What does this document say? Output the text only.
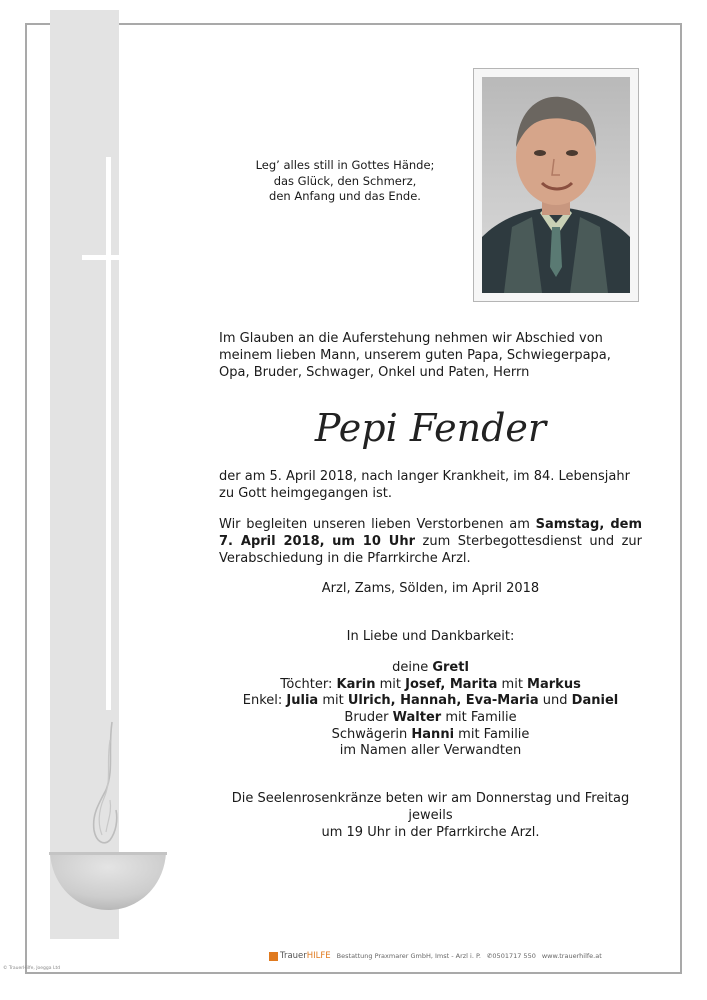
Leg’ alles still in Gottes Hände;
das Glück, den Schmerz,
den Anfang und das Ende.
Im Glauben an die Auferstehung nehmen wir Abschied von meinem lieben Mann, unserem guten Papa, Schwiegerpapa, Opa, Bruder, Schwager, Onkel und Paten, Herrn
Pepi Fender
der am 5. April 2018, nach langer Krankheit, im 84. Lebensjahr zu Gott heimgegangen ist.
Wir begleiten unseren lieben Verstorbenen am Samstag, dem 7. April 2018, um 10 Uhr zum Sterbegottesdienst und zur Verabschiedung in die Pfarrkirche Arzl.
Arzl, Zams, Sölden, im April 2018
In Liebe und Dankbarkeit:
deine Gretl
Töchter: Karin mit Josef, Marita mit Markus
Enkel: Julia mit Ulrich, Hannah, Eva-Maria und Daniel
Bruder Walter mit Familie
Schwägerin Hanni mit Familie
im Namen aller Verwandten
Die Seelenrosenkränze beten wir am Donnerstag und Freitag jeweils
um 19 Uhr in der Pfarrkirche Arzl.
TrauerHILFE Bestattung Praxmarer GmbH, Imst - Arzl i. P. ✆0501717 550 www.trauerhilfe.at
© TrauerHilfe, Joegga Ltd
